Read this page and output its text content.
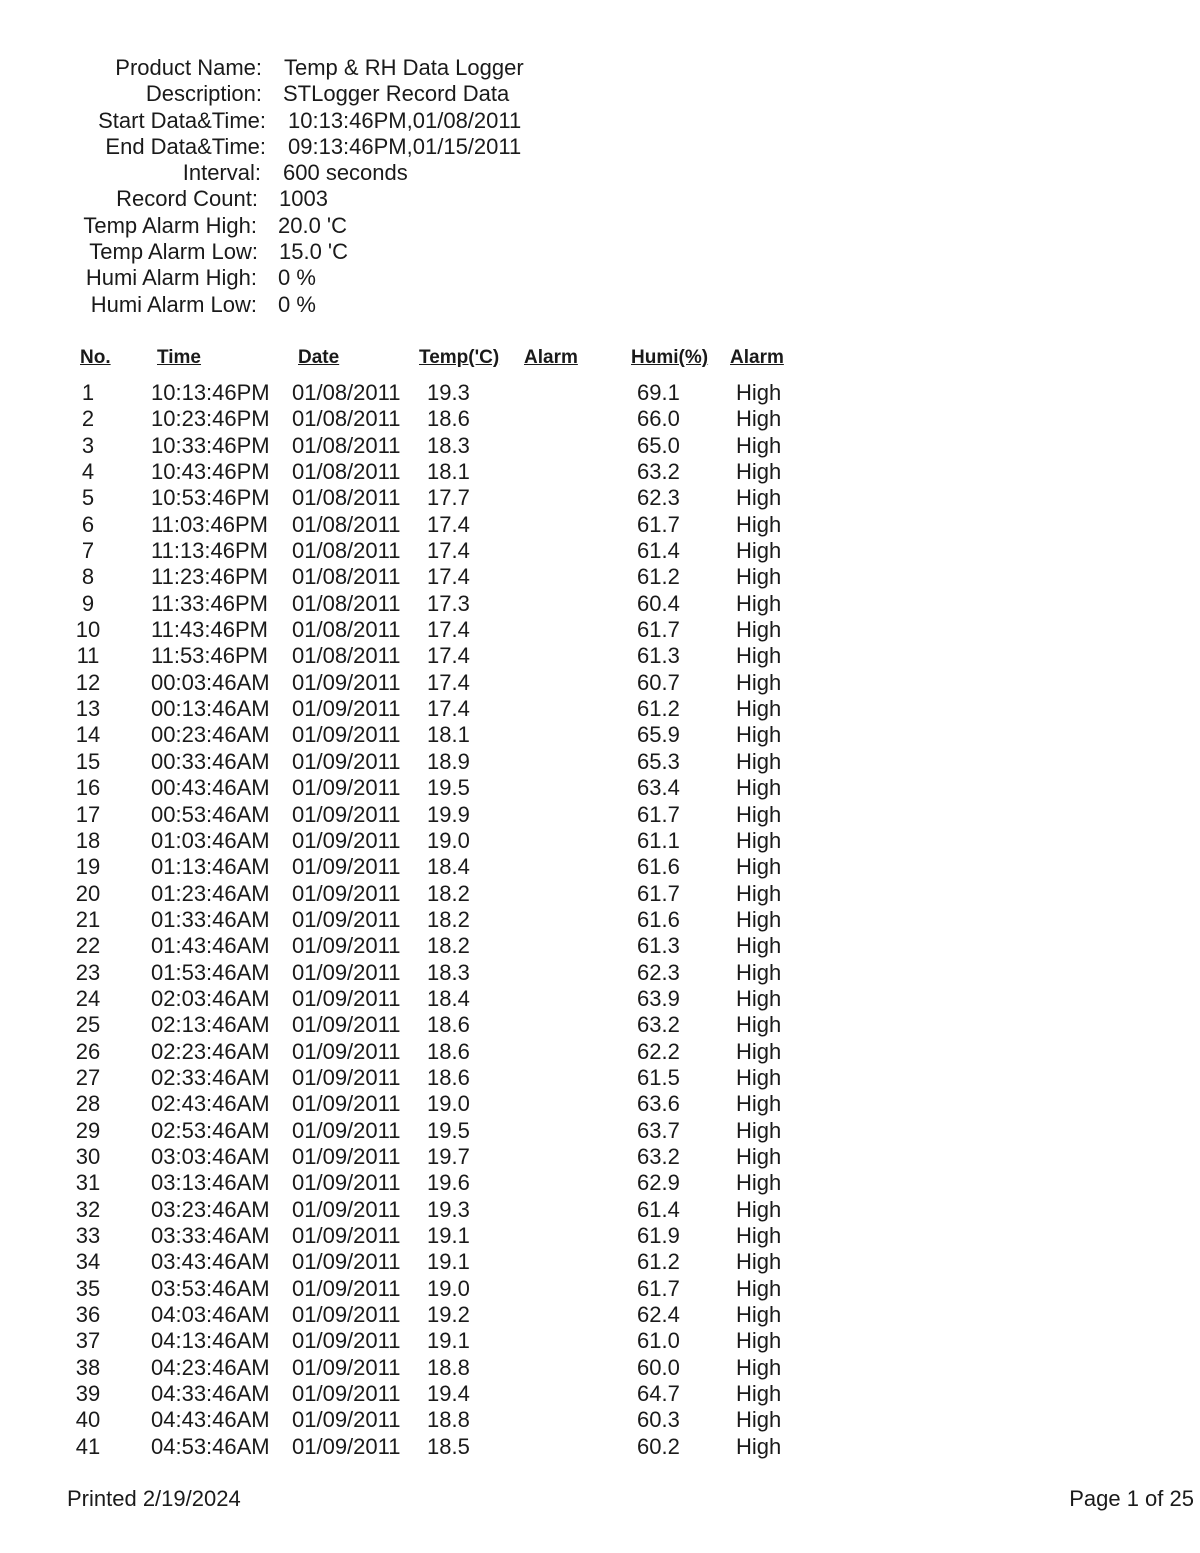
Product Name: Temp & RH Data Logger
Description: STLogger Record Data
Start Data&Time: 10:13:46PM,01/08/2011
End Data&Time: 09:13:46PM,01/15/2011
Interval: 600 seconds
Record Count: 1003
Temp Alarm High: 20.0 'C
Temp Alarm Low: 15.0 'C
Humi Alarm High: 0 %
Humi Alarm Low: 0 %
No. Time	Date	Temp('C) Alarm	Humi(%) Alarm
1	10:13:46PM 01/08/2011 19.3	69.1	High
2	10:23:46PM 01/08/2011 18.6	66.0	High
3	10:33:46PM 01/08/2011 18.3	65.0	High
4	10:43:46PM 01/08/2011 18.1	63.2	High
5	10:53:46PM 01/08/2011 17.7	62.3	High
6	11:03:46PM 01/08/2011 17.4	61.7	High
7	11:13:46PM 01/08/2011 17.4	61.4	High
8	11:23:46PM 01/08/2011 17.4	61.2	High
9	11:33:46PM 01/08/2011 17.3	60.4	High
10	11:43:46PM 01/08/2011 17.4	61.7	High
11	11:53:46PM 01/08/2011 17.4	61.3	High
12	00:03:46AM 01/09/2011 17.4	60.7	High
13	00:13:46AM 01/09/2011 17.4	61.2	High
14	00:23:46AM 01/09/2011 18.1	65.9	High
15	00:33:46AM 01/09/2011 18.9	65.3	High
16	00:43:46AM 01/09/2011 19.5	63.4	High
17	00:53:46AM 01/09/2011 19.9	61.7	High
18	01:03:46AM 01/09/2011 19.0	61.1	High
19	01:13:46AM 01/09/2011 18.4	61.6	High
20	01:23:46AM 01/09/2011 18.2	61.7	High
21	01:33:46AM 01/09/2011 18.2	61.6	High
22	01:43:46AM 01/09/2011 18.2	61.3	High
23	01:53:46AM 01/09/2011 18.3	62.3	High
24	02:03:46AM 01/09/2011 18.4	63.9	High
25	02:13:46AM 01/09/2011 18.6	63.2	High
26	02:23:46AM 01/09/2011 18.6	62.2	High
27	02:33:46AM 01/09/2011 18.6	61.5	High
28	02:43:46AM 01/09/2011 19.0	63.6	High
29	02:53:46AM 01/09/2011 19.5	63.7	High
30	03:03:46AM 01/09/2011 19.7	63.2	High
31	03:13:46AM 01/09/2011 19.6	62.9	High
32	03:23:46AM 01/09/2011 19.3	61.4	High
33	03:33:46AM 01/09/2011 19.1	61.9	High
34	03:43:46AM 01/09/2011 19.1	61.2	High
35	03:53:46AM 01/09/2011 19.0	61.7	High
36	04:03:46AM 01/09/2011 19.2	62.4	High
37	04:13:46AM 01/09/2011 19.1	61.0	High
38	04:23:46AM 01/09/2011 18.8	60.0	High
39	04:33:46AM 01/09/2011 19.4	64.7	High
40	04:43:46AM 01/09/2011 18.8	60.3	High
41	04:53:46AM 01/09/2011 18.5	60.2	High
Printed 2/19/2024	Page 1 of 25
